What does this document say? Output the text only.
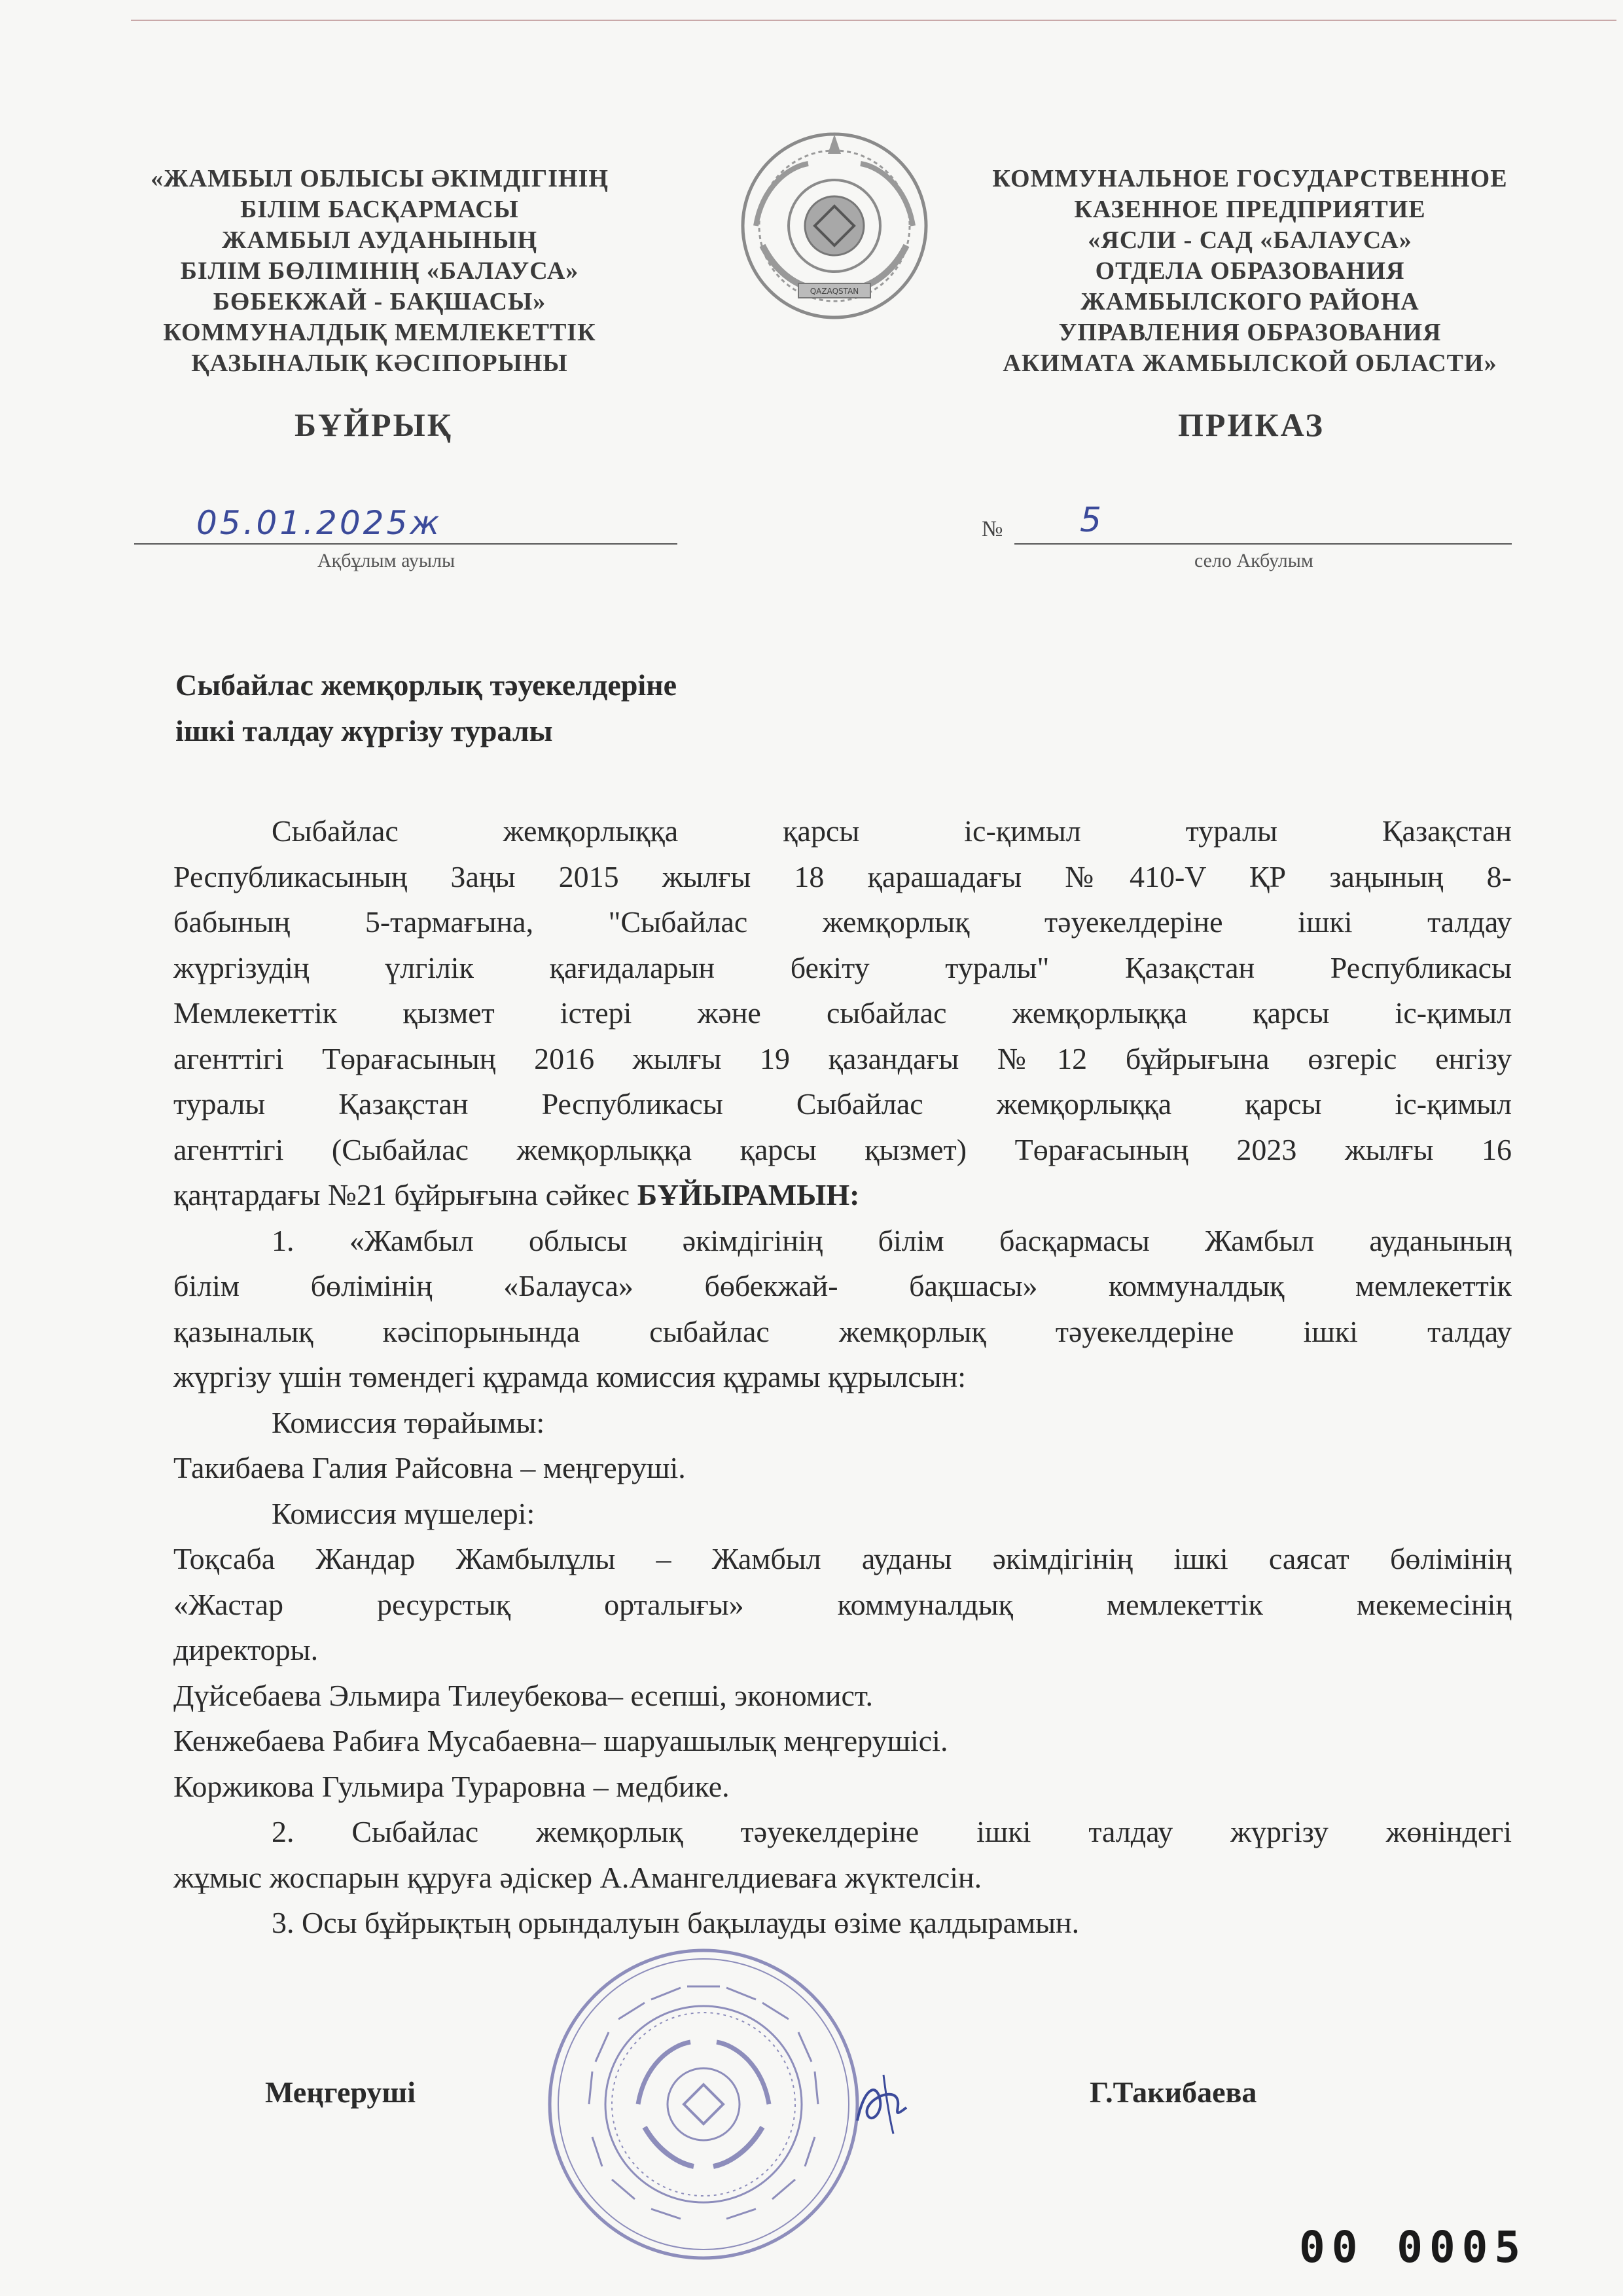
«ЖАМБЫЛ ОБЛЫСЫ ӘКІМДІГІНІҢ
БІЛІМ БАСҚАРМАСЫ
ЖАМБЫЛ АУДАНЫНЫҢ
БІЛІМ БӨЛІМІНІҢ «БАЛАУСА»
БӨБЕКЖАЙ - БАҚШАСЫ»
КОММУНАЛДЫҚ МЕМЛЕКЕТТІК
ҚАЗЫНАЛЫҚ КӘСІПОРЫНЫ
QAZAQSTAN
КОММУНАЛЬНОЕ ГОСУДАРСТВЕННОЕ
КАЗЕННОЕ ПРЕДПРИЯТИЕ
«ЯСЛИ - САД «БАЛАУСА»
ОТДЕЛА ОБРАЗОВАНИЯ
ЖАМБЫЛСКОГО РАЙОНА
УПРАВЛЕНИЯ ОБРАЗОВАНИЯ
АКИМАТА ЖАМБЫЛСКОЙ ОБЛАСТИ»
БҰЙРЫҚ	ПРИКАЗ
05.01.2025ж
Ақбұлым ауылы
№ 5
село Акбулым
Сыбайлас жемқорлық тәуекелдеріне
ішкі талдау жүргізу туралы
Сыбайлас жемқорлыққа қарсы іс-қимыл туралы Қазақстан
Республикасының Заңы 2015 жылғы 18 қарашадағы №410-V ҚР заңының 8-
бабының 5-тармағына, "Сыбайлас жемқорлық тәуекелдеріне ішкі талдау
жүргізудің үлгілік қағидаларын бекіту туралы" Қазақстан Республикасы
Мемлекеттік қызмет істері және сыбайлас жемқорлыққа қарсы іс-қимыл
агенттігі Төрағасының 2016 жылғы 19 қазандағы №12 бұйрығына өзгеріс енгізу
туралы Қазақстан Республикасы Сыбайлас жемқорлыққа қарсы іс-қимыл
агенттігі (Сыбайлас жемқорлыққа қарсы қызмет) Төрағасының 2023 жылғы 16
қаңтардағы №21 бұйрығына сәйкес БҰЙЫРАМЫН:
1. «Жамбыл облысы әкімдігінің білім басқармасы Жамбыл ауданының
білім бөлімінің «Балауса» бөбекжай- бақшасы» коммуналдық мемлекеттік
қазыналық кәсіпорынында сыбайлас жемқорлық тәуекелдеріне ішкі талдау
жүргізу үшін төмендегі құрамда комиссия құрамы құрылсын:
Комиссия төрайымы:
Такибаева Галия Райсовна – меңгеруші.
Комиссия мүшелері:
Тоқсаба Жандар Жамбылұлы – Жамбыл ауданы әкімдігінің ішкі саясат бөлімінің
«Жастар ресурстық орталығы» коммуналдық мемлекеттік мекемесінің
директоры.
Дүйсебаева Эльмира Тилеубекова– есепші, экономист.
Кенжебаева Рабиға Мусабаевна– шаруашылық меңгерушісі.
Коржикова Гульмира Тураровна – медбике.
2. Сыбайлас жемқорлық тәуекелдеріне ішкі талдау жүргізу жөніндегі
жұмыс жоспарын құруға әдіскер А.Амангелдиеваға жүктелсін.
3. Осы бұйрықтың орындалуын бақылауды өзіме қалдырамын.
Меңгеруші	Г.Такибаева
00 0005
